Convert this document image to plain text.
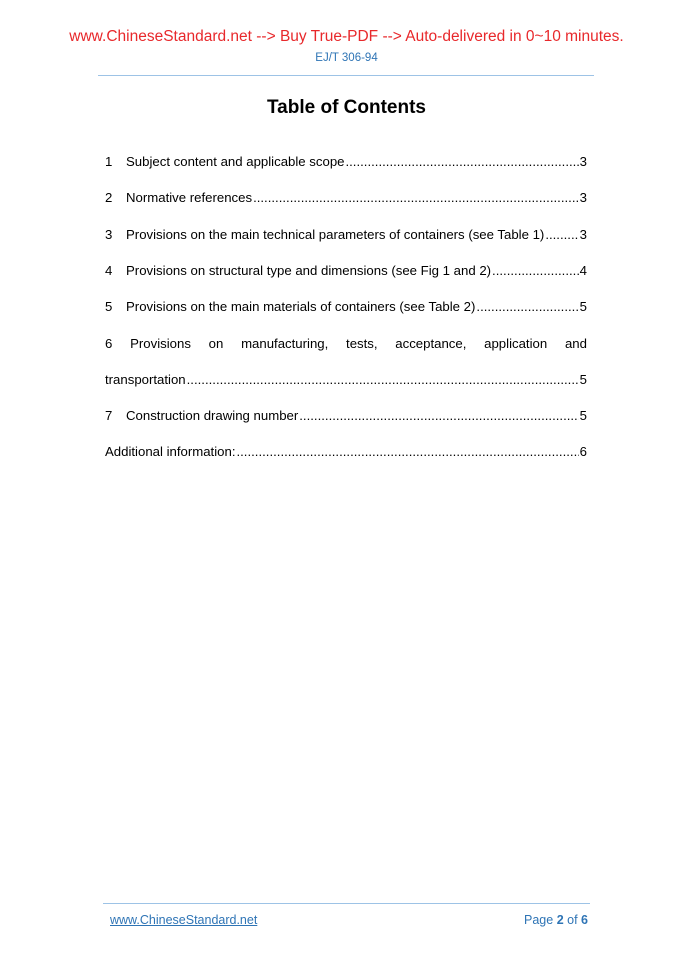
www.ChineseStandard.net --> Buy True-PDF --> Auto-delivered in 0~10 minutes.
EJ/T 306-94
Table of Contents
1	Subject content and applicable scope .....	3
2	Normative references .....	3
3	Provisions on the main technical parameters of containers (see Table 1) .....	3
4	Provisions on structural type and dimensions (see Fig 1 and 2) .....	4
5	Provisions on the main materials of containers (see Table 2) .....	5
6 Provisions on manufacturing, tests, acceptance, application and
transportation .....	5
7	Construction drawing number .....	5
Additional information: .....	6
www.ChineseStandard.net	Page 2 of 6
